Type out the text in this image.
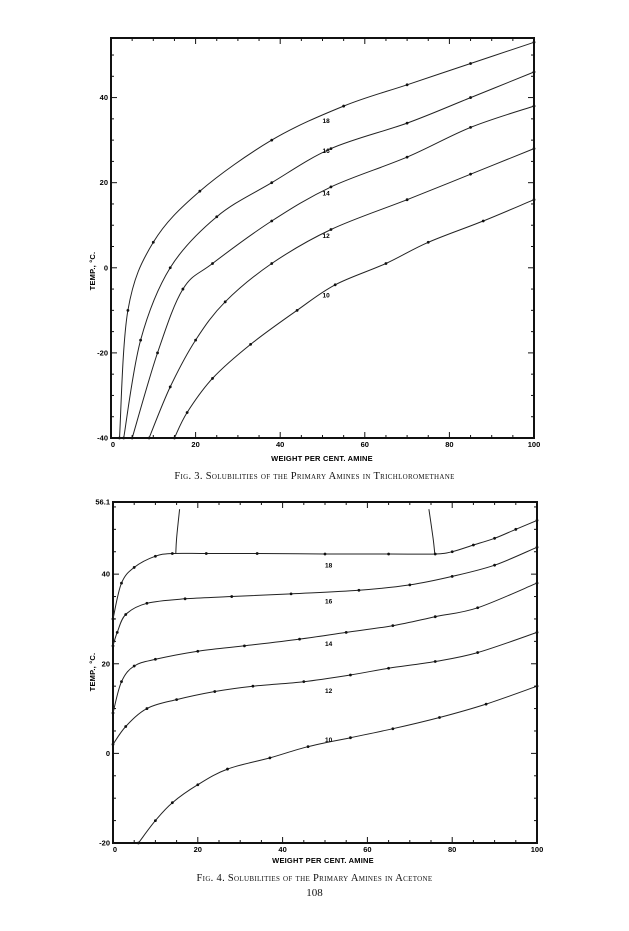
0	20	40	60	80	100
-40
-20
0
20
40
18
16
14
12
10
WEIGHT PER CENT. AMINE
TEMP., °C.
0	20	40	60	80	100
-20
0
20
40
56.1
18
16
14
12
10
WEIGHT PER CENT. AMINE
TEMP., °C.
Fig. 3. Solubilities of the Primary Amines in Trichloromethane
Fig. 4. Solubilities of the Primary Amines in Acetone
108
